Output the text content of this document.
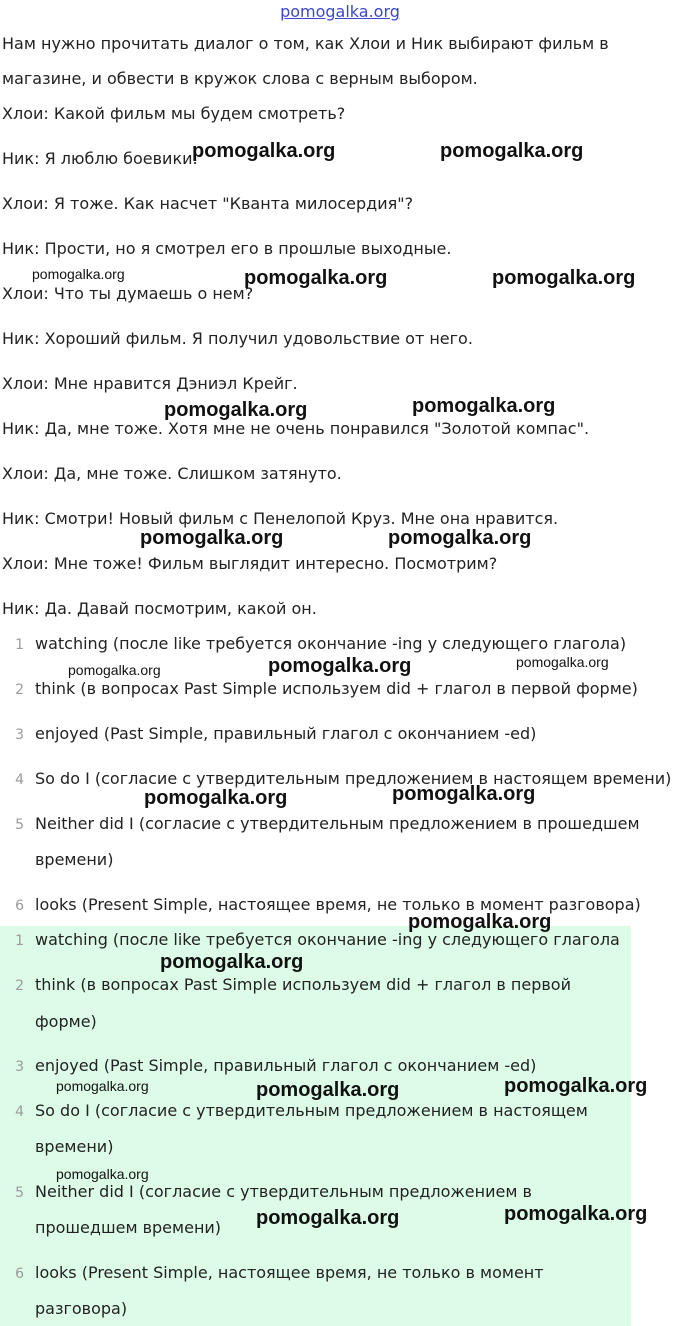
pomogalka.org
Нам нужно прочитать диалог о том, как Хлои и Ник выбирают фильм в
магазине, и обвести в кружок слова с верным выбором.
Хлои: Какой фильм мы будем смотреть?
Ник: Я люблю боевики.
Хлои: Я тоже. Как насчет "Кванта милосердия"?
Ник: Прости, но я смотрел его в прошлые выходные.
Хлои: Что ты думаешь о нем?
Ник: Хороший фильм. Я получил удовольствие от него.
Хлои: Мне нравится Дэниэл Крейг.
Ник: Да, мне тоже. Хотя мне не очень понравился "Золотой компас".
Хлои: Да, мне тоже. Слишком затянуто.
Ник: Смотри! Новый фильм с Пенелопой Круз. Мне она нравится.
Хлои: Мне тоже! Фильм выглядит интересно. Посмотрим?
Ник: Да. Давай посмотрим, какой он.
1 watching (после like требуется окончание -ing у следующего глагола)
2 think (в вопросах Past Simple используем did + глагол в первой форме)
3 enjoyed (Past Simple, правильный глагол с окончанием -ed)
4 So do I (согласие с утвердительным предложением в настоящем времени)
5 Neither did I (согласие с утвердительным предложением в прошедшем
времени)
6 looks (Present Simple, настоящее время, не только в момент разговора)
1 watching (после like требуется окончание -ing у следующего глагола
2 think (в вопросах Past Simple используем did + глагол в первой
форме)
3 enjoyed (Past Simple, правильный глагол с окончанием -ed)
4 So do I (согласие с утвердительным предложением в настоящем
времени)
5 Neither did I (согласие с утвердительным предложением в
прошедшем времени)
6 looks (Present Simple, настоящее время, не только в момент
разговора)
pomogalka.org	pomogalka.org
pomogalka.org	pomogalka.org	pomogalka.org
pomogalka.org	pomogalka.org
pomogalka.org	pomogalka.org
pomogalka.org	pomogalka.org	pomogalka.org
pomogalka.org	pomogalka.org
pomogalka.org
pomogalka.org
pomogalka.org	pomogalka.org	pomogalka.org
pomogalka.org
pomogalka.org	pomogalka.org
